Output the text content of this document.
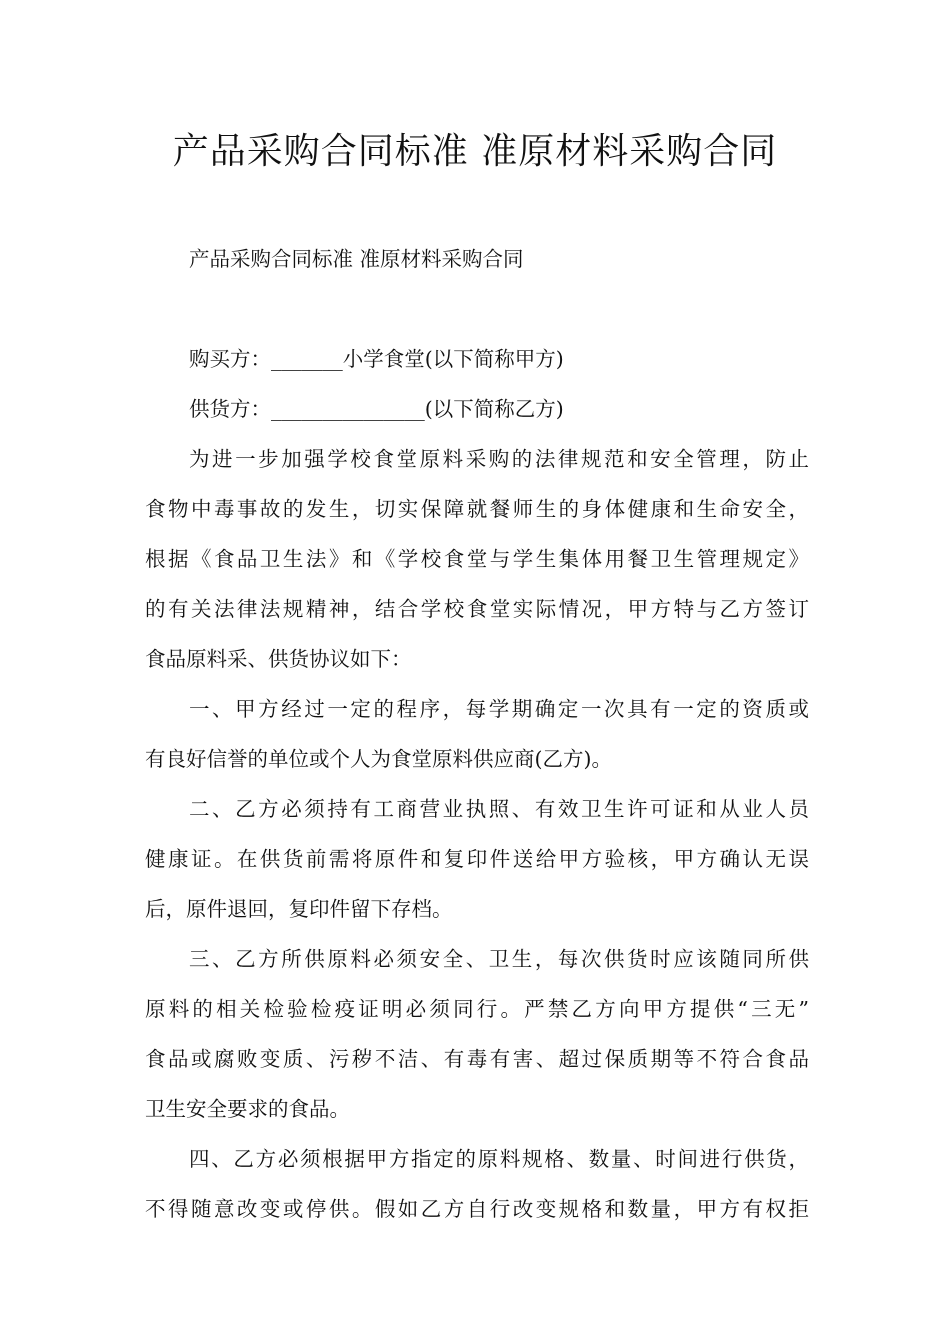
产品采购合同标准 准原材料采购合同
产品采购合同标准 准原材料采购合同
购买方：_______小学食堂(以下简称甲方)
供货方：_______________(以下简称乙方)
为进一步加强学校食堂原料采购的法律规范和安全管理，防止
食物中毒事故的发生，切实保障就餐师生的身体健康和生命安全，
根据《食品卫生法》和《学校食堂与学生集体用餐卫生管理规定》
的有关法律法规精神，结合学校食堂实际情况，甲方特与乙方签订
食品原料采、供货协议如下：
一、甲方经过一定的程序，每学期确定一次具有一定的资质或
有良好信誉的单位或个人为食堂原料供应商(乙方)。
二、乙方必须持有工商营业执照、有效卫生许可证和从业人员
健康证。在供货前需将原件和复印件送给甲方验核，甲方确认无误
后，原件退回，复印件留下存档。
三、乙方所供原料必须安全、卫生，每次供货时应该随同所供
原料的相关检验检疫证明必须同行。严禁乙方向甲方提供“三无”
食品或腐败变质、污秽不洁、有毒有害、超过保质期等不符合食品
卫生安全要求的食品。
四、乙方必须根据甲方指定的原料规格、数量、时间进行供货，
不得随意改变或停供。假如乙方自行改变规格和数量，甲方有权拒
